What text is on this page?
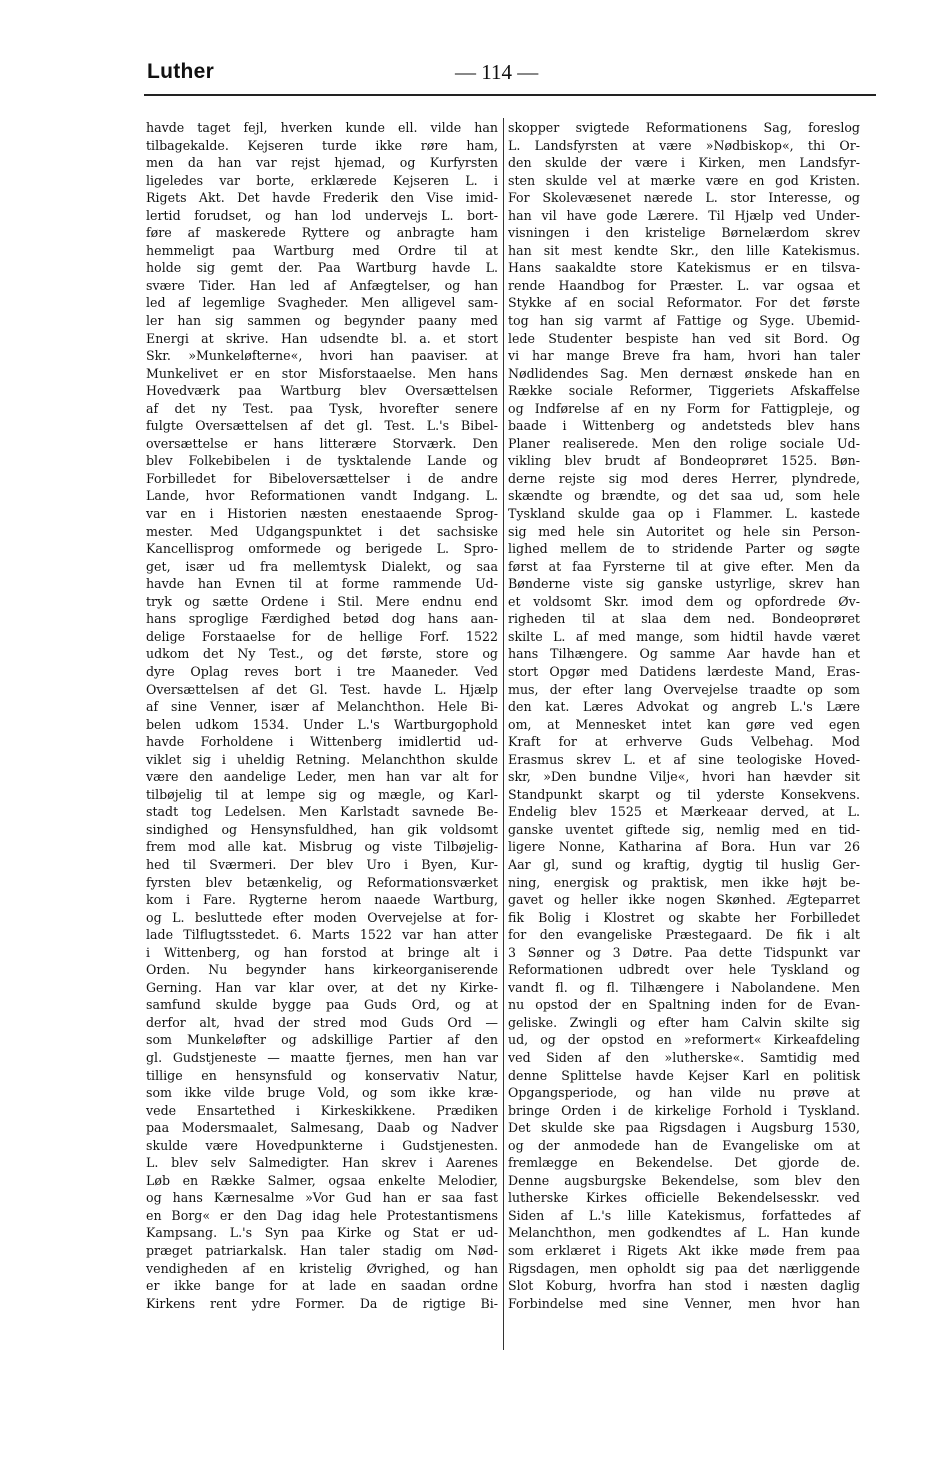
Luther	— 114 —
havde taget fejl, hverken kunde ell. vilde han
tilbagekalde. Kejseren turde ikke røre ham,
men da han var rejst hjemad, og Kurfyrsten
ligeledes var borte, erklærede Kejseren L. i
Rigets Akt. Det havde Frederik den Vise imid-
lertid forudset, og han lod undervejs L. bort-
føre af maskerede Ryttere og anbragte ham
hemmeligt paa Wartburg med Ordre til at
holde sig gemt der. Paa Wartburg havde L.
svære Tider. Han led af Anfægtelser, og han
led af legemlige Svagheder. Men alligevel sam-
ler han sig sammen og begynder paany med
Energi at skrive. Han udsendte bl. a. et stort
Skr. »Munkeløfterne«, hvori han paaviser. at
Munkelivet er en stor Misforstaaelse. Men hans
Hovedværk paa Wartburg blev Oversættelsen
af det ny Test. paa Tysk, hvorefter senere
fulgte Oversættelsen af det gl. Test. L.'s Bibel-
oversættelse er hans litterære Storværk. Den
blev Folkebibelen i de tysktalende Lande og
Forbilledet for Bibeloversættelser i de andre
Lande, hvor Reformationen vandt Indgang. L.
var en i Historien næsten enestaaende Sprog-
mester. Med Udgangspunktet i det sachsiske
Kancellisprog omformede og berigede L. Spro-
get, især ud fra mellemtysk Dialekt, og saa
havde han Evnen til at forme rammende Ud-
tryk og sætte Ordene i Stil. Mere endnu end
hans sproglige Færdighed betød dog hans aan-
delige Forstaaelse for de hellige Forf. 1522
udkom det Ny Test., og det første, store og
dyre Oplag reves bort i tre Maaneder. Ved
Oversættelsen af det Gl. Test. havde L. Hjælp
af sine Venner, især af Melanchthon. Hele Bi-
belen udkom 1534. Under L.'s Wartburgophold
havde Forholdene i Wittenberg imidlertid ud-
viklet sig i uheldig Retning. Melanchthon skulde
være den aandelige Leder, men han var alt for
tilbøjelig til at lempe sig og mægle, og Karl-
stadt tog Ledelsen. Men Karlstadt savnede Be-
sindighed og Hensynsfuldhed, han gik voldsomt
frem mod alle kat. Misbrug og viste Tilbøjelig-
hed til Sværmeri. Der blev Uro i Byen, Kur-
fyrsten blev betænkelig, og Reformationsværket
kom i Fare. Rygterne herom naaede Wartburg,
og L. besluttede efter moden Overvejelse at for-
lade Tilflugtsstedet. 6. Marts 1522 var han atter
i Wittenberg, og han forstod at bringe alt i
Orden. Nu begynder hans kirkeorganiserende
Gerning. Han var klar over, at det ny Kirke-
samfund skulde bygge paa Guds Ord, og at
derfor alt, hvad der stred mod Guds Ord —
som Munkeløfter og adskillige Partier af den
gl. Gudstjeneste — maatte fjernes, men han var
tillige en hensynsfuld og konservativ Natur,
som ikke vilde bruge Vold, og som ikke kræ-
vede Ensartethed i Kirkeskikkene. Prædiken
paa Modersmaalet, Salmesang, Daab og Nadver
skulde være Hovedpunkterne i Gudstjenesten.
L. blev selv Salmedigter. Han skrev i Aarenes
Løb en Række Salmer, ogsaa enkelte Melodier,
og hans Kærnesalme »Vor Gud han er saa fast
en Borg« er den Dag idag hele Protestantismens
Kampsang. L.'s Syn paa Kirke og Stat er ud-
præget patriarkalsk. Han taler stadig om Nød-
vendigheden af en kristelig Øvrighed, og han
er ikke bange for at lade en saadan ordne
Kirkens rent ydre Former. Da de rigtige Bi-
skopper svigtede Reformationens Sag, foreslog
L. Landsfyrsten at være »Nødbiskop«, thi Or-
den skulde der være i Kirken, men Landsfyr-
sten skulde vel at mærke være en god Kristen.
For Skolevæsenet nærede L. stor Interesse, og
han vil have gode Lærere. Til Hjælp ved Under-
visningen i den kristelige Børnelærdom skrev
han sit mest kendte Skr., den lille Katekismus.
Hans saakaldte store Katekismus er en tilsva-
rende Haandbog for Præster. L. var ogsaa et
Stykke af en social Reformator. For det første
tog han sig varmt af Fattige og Syge. Ubemid-
lede Studenter bespiste han ved sit Bord. Og
vi har mange Breve fra ham, hvori han taler
Nødlidendes Sag. Men dernæst ønskede han en
Række sociale Reformer, Tiggeriets Afskaffelse
og Indførelse af en ny Form for Fattigpleje, og
baade i Wittenberg og andetsteds blev hans
Planer realiserede. Men den rolige sociale Ud-
vikling blev brudt af Bondeoprøret 1525. Bøn-
derne rejste sig mod deres Herrer, plyndrede,
skændte og brændte, og det saa ud, som hele
Tyskland skulde gaa op i Flammer. L. kastede
sig med hele sin Autoritet og hele sin Person-
lighed mellem de to stridende Parter og søgte
først at faa Fyrsterne til at give efter. Men da
Bønderne viste sig ganske ustyrlige, skrev han
et voldsomt Skr. imod dem og opfordrede Øv-
righeden til at slaa dem ned. Bondeoprøret
skilte L. af med mange, som hidtil havde været
hans Tilhængere. Og samme Aar havde han et
stort Opgør med Datidens lærdeste Mand, Eras-
mus, der efter lang Overvejelse traadte op som
den kat. Læres Advokat og angreb L.'s Lære
om, at Mennesket intet kan gøre ved egen
Kraft for at erhverve Guds Velbehag. Mod
Erasmus skrev L. et af sine teologiske Hoved-
skr, »Den bundne Vilje«, hvori han hævder sit
Standpunkt skarpt og til yderste Konsekvens.
Endelig blev 1525 et Mærkeaar derved, at L.
ganske uventet giftede sig, nemlig med en tid-
ligere Nonne, Katharina af Bora. Hun var 26
Aar gl, sund og kraftig, dygtig til huslig Ger-
ning, energisk og praktisk, men ikke højt be-
gavet og heller ikke nogen Skønhed. Ægteparret
fik Bolig i Klostret og skabte her Forbilledet
for den evangeliske Præstegaard. De fik i alt
3 Sønner og 3 Døtre. Paa dette Tidspunkt var
Reformationen udbredt over hele Tyskland og
vandt fl. og fl. Tilhængere i Nabolandene. Men
nu opstod der en Spaltning inden for de Evan-
geliske. Zwingli og efter ham Calvin skilte sig
ud, og der opstod en »reformert« Kirkeafdeling
ved Siden af den »lutherske«. Samtidig med
denne Splittelse havde Kejser Karl en politisk
Opgangsperiode, og han vilde nu prøve at
bringe Orden i de kirkelige Forhold i Tyskland.
Det skulde ske paa Rigsdagen i Augsburg 1530,
og der anmodede han de Evangeliske om at
fremlægge en Bekendelse. Det gjorde de.
Denne augsburgske Bekendelse, som blev den
lutherske Kirkes officielle Bekendelsesskr. ved
Siden af L.'s lille Katekismus, forfattedes af
Melanchthon, men godkendtes af L. Han kunde
som erklæret i Rigets Akt ikke møde frem paa
Rigsdagen, men opholdt sig paa det nærliggende
Slot Koburg, hvorfra han stod i næsten daglig
Forbindelse med sine Venner, men hvor han
